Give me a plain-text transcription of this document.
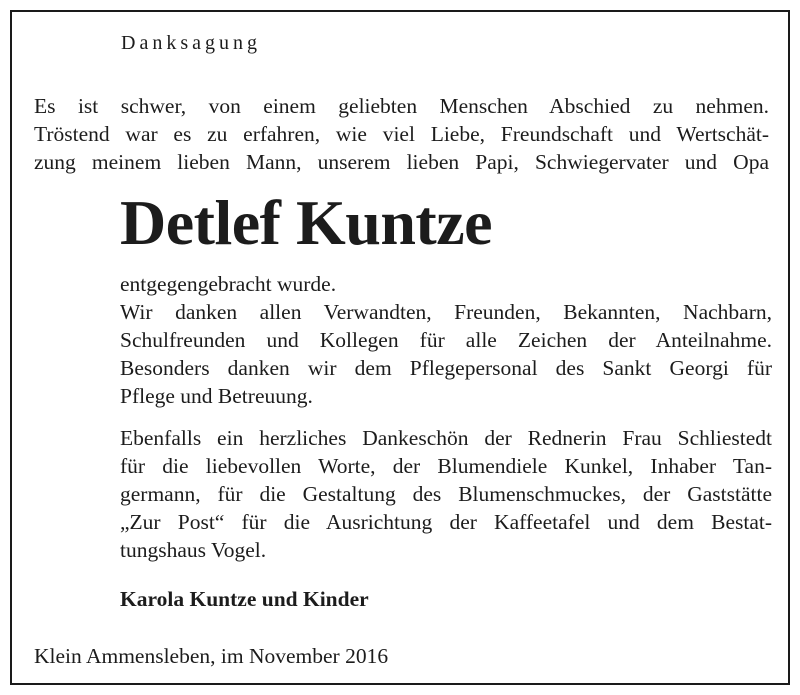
Danksagung
Es ist schwer, von einem geliebten Menschen Abschied zu nehmen.
Tröstend war es zu erfahren, wie viel Liebe, Freundschaft und Wertschät-
zung meinem lieben Mann, unserem lieben Papi, Schwiegervater und Opa
Detlef Kuntze
entgegengebracht wurde.
Wir danken allen Verwandten, Freunden, Bekannten, Nachbarn,
Schulfreunden und Kollegen für alle Zeichen der Anteilnahme.
Besonders danken wir dem Pflegepersonal des Sankt Georgi für
Pflege und Betreuung.
Ebenfalls ein herzliches Dankeschön der Rednerin Frau Schliestedt
für die liebevollen Worte, der Blumendiele Kunkel, Inhaber Tan-
germann, für die Gestaltung des Blumenschmuckes, der Gaststätte
„Zur Post“ für die Ausrichtung der Kaffeetafel und dem Bestat-
tungshaus Vogel.
Karola Kuntze und Kinder
Klein Ammensleben, im November 2016
